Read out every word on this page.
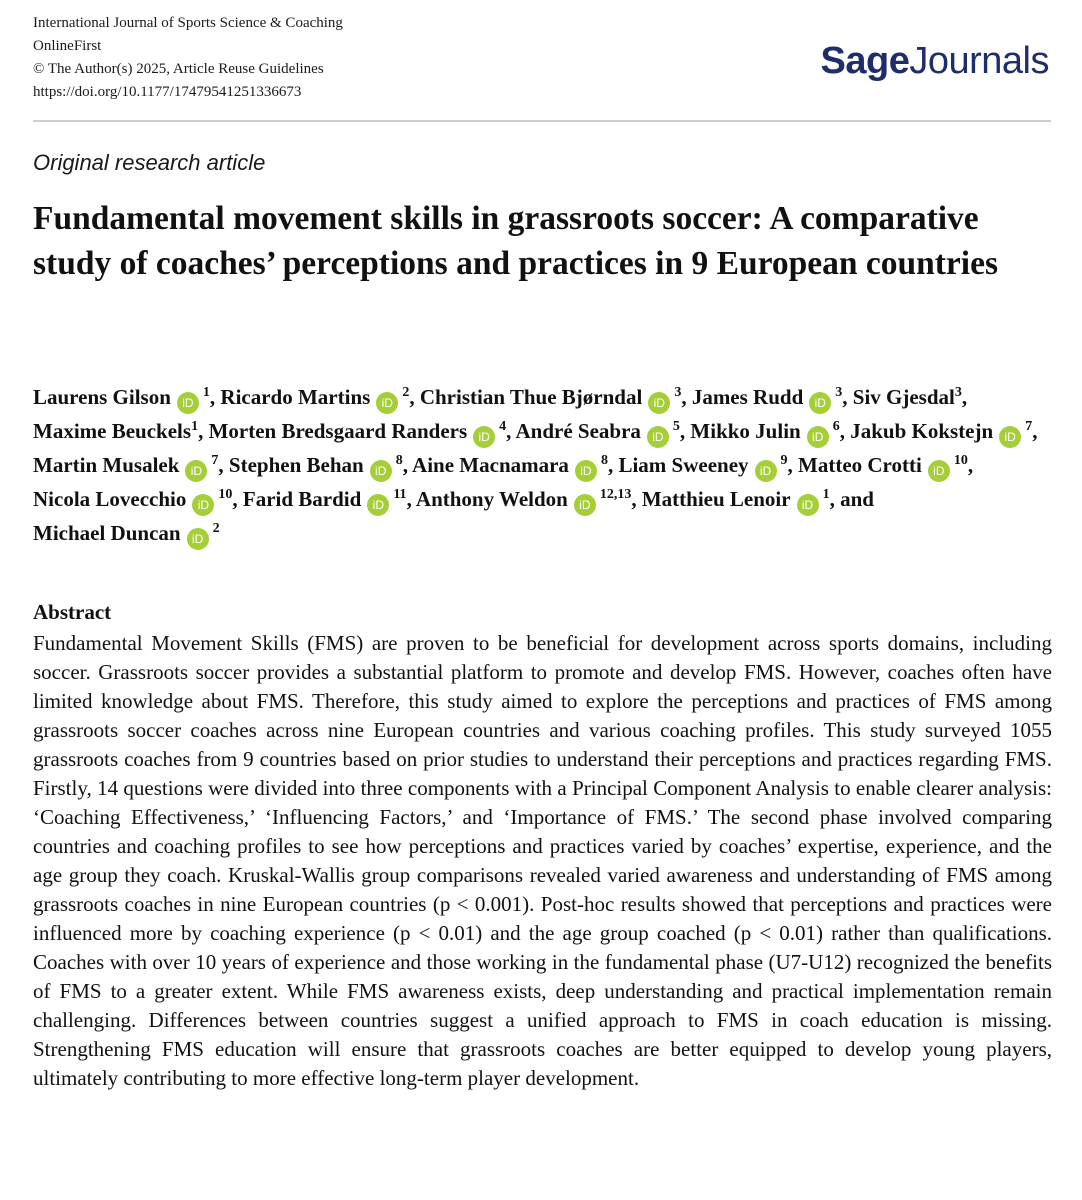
International Journal of Sports Science & Coaching
OnlineFirst
© The Author(s) 2025, Article Reuse Guidelines
https://doi.org/10.1177/17479541251336673
SageJournals
Original research article
Fundamental movement skills in grassroots soccer: A comparative study of coaches’ perceptions and practices in 9 European countries
Laurens Gilson iD$^1$, Ricardo Martins iD$^2$, Christian Thue Bjørndal iD$^3$, James Rudd iD$^3$, Siv Gjesdal$^3$, Maxime Beuckels$^1$, Morten Bredsgaard Randers iD$^4$, André Seabra iD$^5$, Mikko Julin iD$^6$, Jakub Kokstejn iD$^7$, Martin Musalek iD$^7$, Stephen Behan iD$^8$, Aine Macnamara iD$^8$, Liam Sweeney iD$^9$, Matteo Crotti iD$^{10}$, Nicola Lovecchio iD$^{10}$, Farid Bardid iD$^{11}$, Anthony Weldon iD$^{12,13}$, Matthieu Lenoir iD$^1$, and Michael Duncan iD$^2$
Abstract
Fundamental Movement Skills (FMS) are proven to be beneficial for development across sports domains, including soccer. Grassroots soccer provides a substantial platform to promote and develop FMS. However, coaches often have limited knowledge about FMS. Therefore, this study aimed to explore the perceptions and practices of FMS among grassroots soccer coaches across nine European countries and various coaching profiles. This study surveyed 1055 grassroots coaches from 9 countries based on prior studies to understand their perceptions and practices regarding FMS. Firstly, 14 questions were divided into three components with a Principal Component Analysis to enable clearer analysis: ‘Coaching Effectiveness,’ ‘Influencing Factors,’ and ‘Importance of FMS.’ The second phase involved comparing countries and coaching profiles to see how perceptions and practices varied by coaches’ expertise, experience, and the age group they coach. Kruskal-Wallis group comparisons revealed varied awareness and understanding of FMS among grassroots coaches in nine European countries (p < 0.001). Post-hoc results showed that perceptions and practices were influenced more by coaching experience (p < 0.01) and the age group coached (p < 0.01) rather than qualifications. Coaches with over 10 years of experience and those working in the fundamental phase (U7-U12) recognized the benefits of FMS to a greater extent. While FMS awareness exists, deep understanding and practical implementation remain challenging. Differences between countries suggest a unified approach to FMS in coach education is missing. Strengthening FMS education will ensure that grassroots coaches are better equipped to develop young players, ultimately contributing to more effective long-term player development.
